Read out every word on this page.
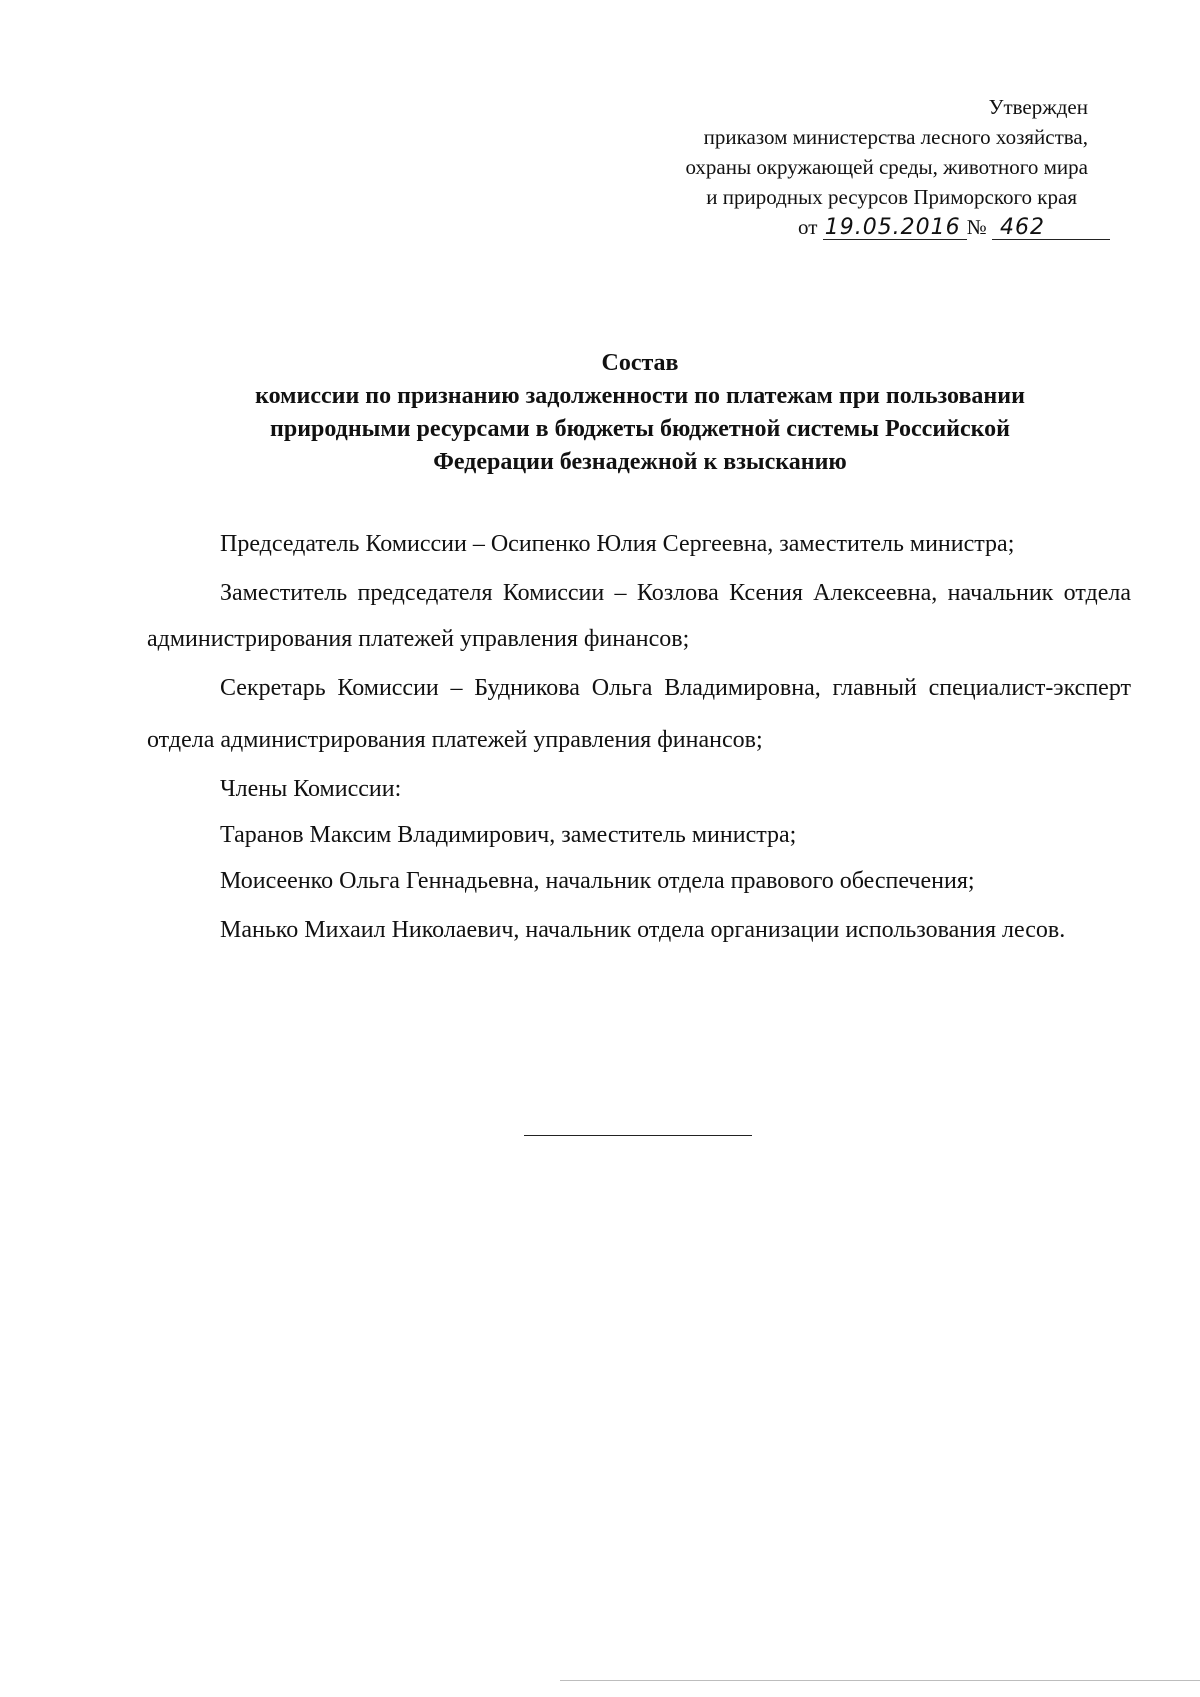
Утвержден
приказом министерства лесного хозяйства,
охраны окружающей среды, животного мира
и природных ресурсов Приморского края
от 19.05.2016 № 462
Состав
комиссии по признанию задолженности по платежам при пользовании
природными ресурсами в бюджеты бюджетной системы Российской
Федерации безнадежной к взысканию

Председатель Комиссии – Осипенко Юлия Сергеевна, заместитель министра;

Заместитель председателя Комиссии – Козлова Ксения Алексеевна, начальник отдела администрирования платежей управления финансов;

Секретарь Комиссии – Будникова Ольга Владимировна, главный специалист-эксперт отдела администрирования платежей управления финансов;

Члены Комиссии:

Таранов Максим Владимирович, заместитель министра;

Моисеенко Ольга Геннадьевна, начальник отдела правового обеспечения;

Манько Михаил Николаевич, начальник отдела организации использования лесов.
